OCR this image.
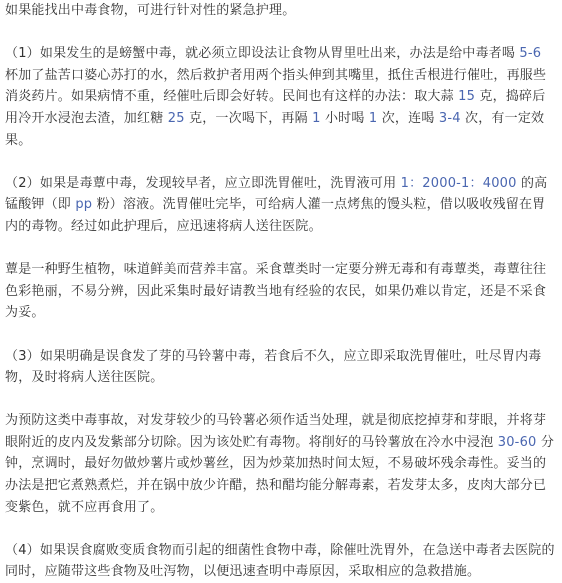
如果能找出中毒食物，可进行针对性的紧急护理。

（1）如果发生的是螃蟹中毒，就必须立即设法让食物从胃里吐出来，办法是给中毒者喝 5-6 杯加了盐苦口婆心苏打的水，然后救护者用两个指头伸到其嘴里，抵住舌根进行催吐，再服些消炎药片。如果病情不重，经催吐后即会好转。民间也有这样的办法：取大蒜 15 克，捣碎后用冷开水浸泡去渣，加红糖 25 克，一次喝下，再隔 1 小时喝 1 次，连喝 3-4 次，有一定效果。

（2）如果是毒蕈中毒，发现较早者，应立即洗胃催吐，洗胃液可用 1：2000-1：4000 的高锰酸钾（即 pp 粉）溶液。洗胃催吐完毕，可给病人灌一点烤焦的馒头粒，借以吸收残留在胃内的毒物。经过如此护理后，应迅速将病人送往医院。

蕈是一种野生植物，味道鲜美而营养丰富。采食蕈类时一定要分辨无毒和有毒蕈类，毒蕈往往色彩艳丽，不易分辨，因此采集时最好请教当地有经验的农民，如果仍难以肯定，还是不采食为妥。

（3）如果明确是误食发了芽的马铃薯中毒，若食后不久，应立即采取洗胃催吐，吐尽胃内毒物，及时将病人送往医院。

为预防这类中毒事故，对发芽较少的马铃薯必须作适当处理，就是彻底挖掉芽和芽眼，并将芽眼附近的皮内及发紫部分切除。因为该处贮有毒物。将削好的马铃薯放在冷水中浸泡 30-60 分钟，烹调时，最好勿做炒薯片或炒薯丝，因为炒菜加热时间太短，不易破坏残余毒性。妥当的办法是把它煮熟煮烂，并在锅中放少许醋，热和醋均能分解毒素，若发芽太多，皮肉大部分已变紫色，就不应再食用了。

（4）如果误食腐败变质食物而引起的细菌性食物中毒，除催吐洗胃外，在急送中毒者去医院的同时，应随带这些食物及吐泻物，以便迅速查明中毒原因，采取相应的急救措施。
